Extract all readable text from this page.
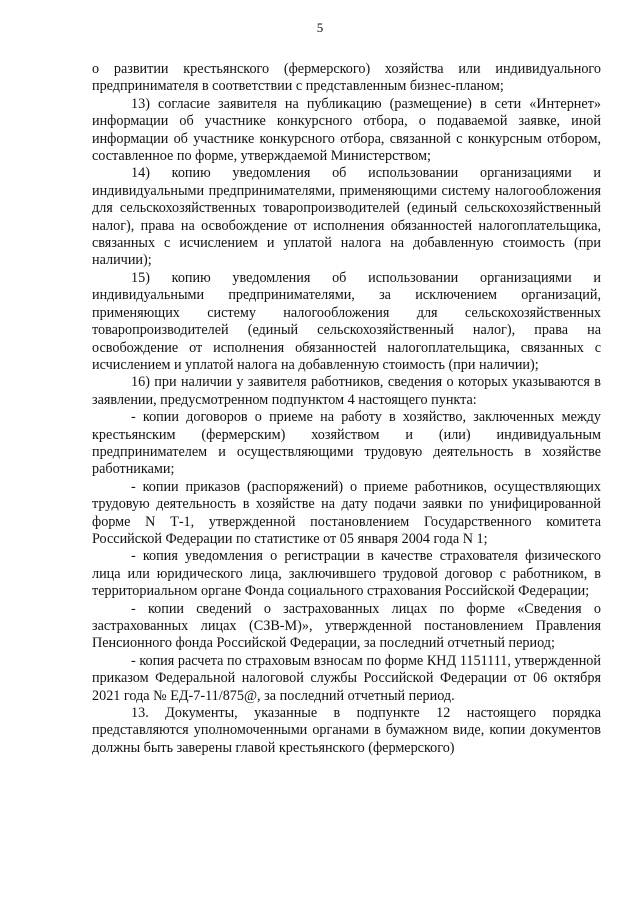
5

о развитии крестьянского (фермерского) хозяйства или индивидуального предпринимателя в соответствии с представленным бизнес-планом;

13) согласие заявителя на публикацию (размещение) в сети «Интернет» информации об участнике конкурсного отбора, о подаваемой заявке, иной информации об участнике конкурсного отбора, связанной с конкурсным отбором, составленное по форме, утверждаемой Министерством;

14) копию уведомления об использовании организациями и индивидуальными предпринимателями, применяющими систему налогообложения для сельскохозяйственных товаропроизводителей (единый сельскохозяйственный налог), права на освобождение от исполнения обязанностей налогоплательщика, связанных с исчислением и уплатой налога на добавленную стоимость (при наличии);

15) копию уведомления об использовании организациями и индивидуальными предпринимателями, за исключением организаций, применяющих систему налогообложения для сельскохозяйственных товаропроизводителей (единый сельскохозяйственный налог), права на освобождение от исполнения обязанностей налогоплательщика, связанных с исчислением и уплатой налога на добавленную стоимость (при наличии);

16) при наличии у заявителя работников, сведения о которых указываются в заявлении, предусмотренном подпунктом 4 настоящего пункта:

- копии договоров о приеме на работу в хозяйство, заключенных между крестьянским (фермерским) хозяйством и (или) индивидуальным предпринимателем и осуществляющими трудовую деятельность в хозяйстве работниками;

- копии приказов (распоряжений) о приеме работников, осуществляющих трудовую деятельность в хозяйстве на дату подачи заявки по унифицированной форме N Т-1, утвержденной постановлением Государственного комитета Российской Федерации по статистике от 05 января 2004 года N 1;

- копия уведомления о регистрации в качестве страхователя физического лица или юридического лица, заключившего трудовой договор с работником, в территориальном органе Фонда социального страхования Российской Федерации;

- копии сведений о застрахованных лицах по форме «Сведения о застрахованных лицах (СЗВ-М)», утвержденной постановлением Правления Пенсионного фонда Российской Федерации, за последний отчетный период;

- копия расчета по страховым взносам по форме КНД 1151111, утвержденной приказом Федеральной налоговой службы Российской Федерации от 06 октября 2021 года № ЕД-7-11/875@, за последний отчетный период.

13. Документы, указанные в подпункте 12 настоящего порядка представляются уполномоченными органами в бумажном виде, копии документов должны быть заверены главой крестьянского (фермерского)
